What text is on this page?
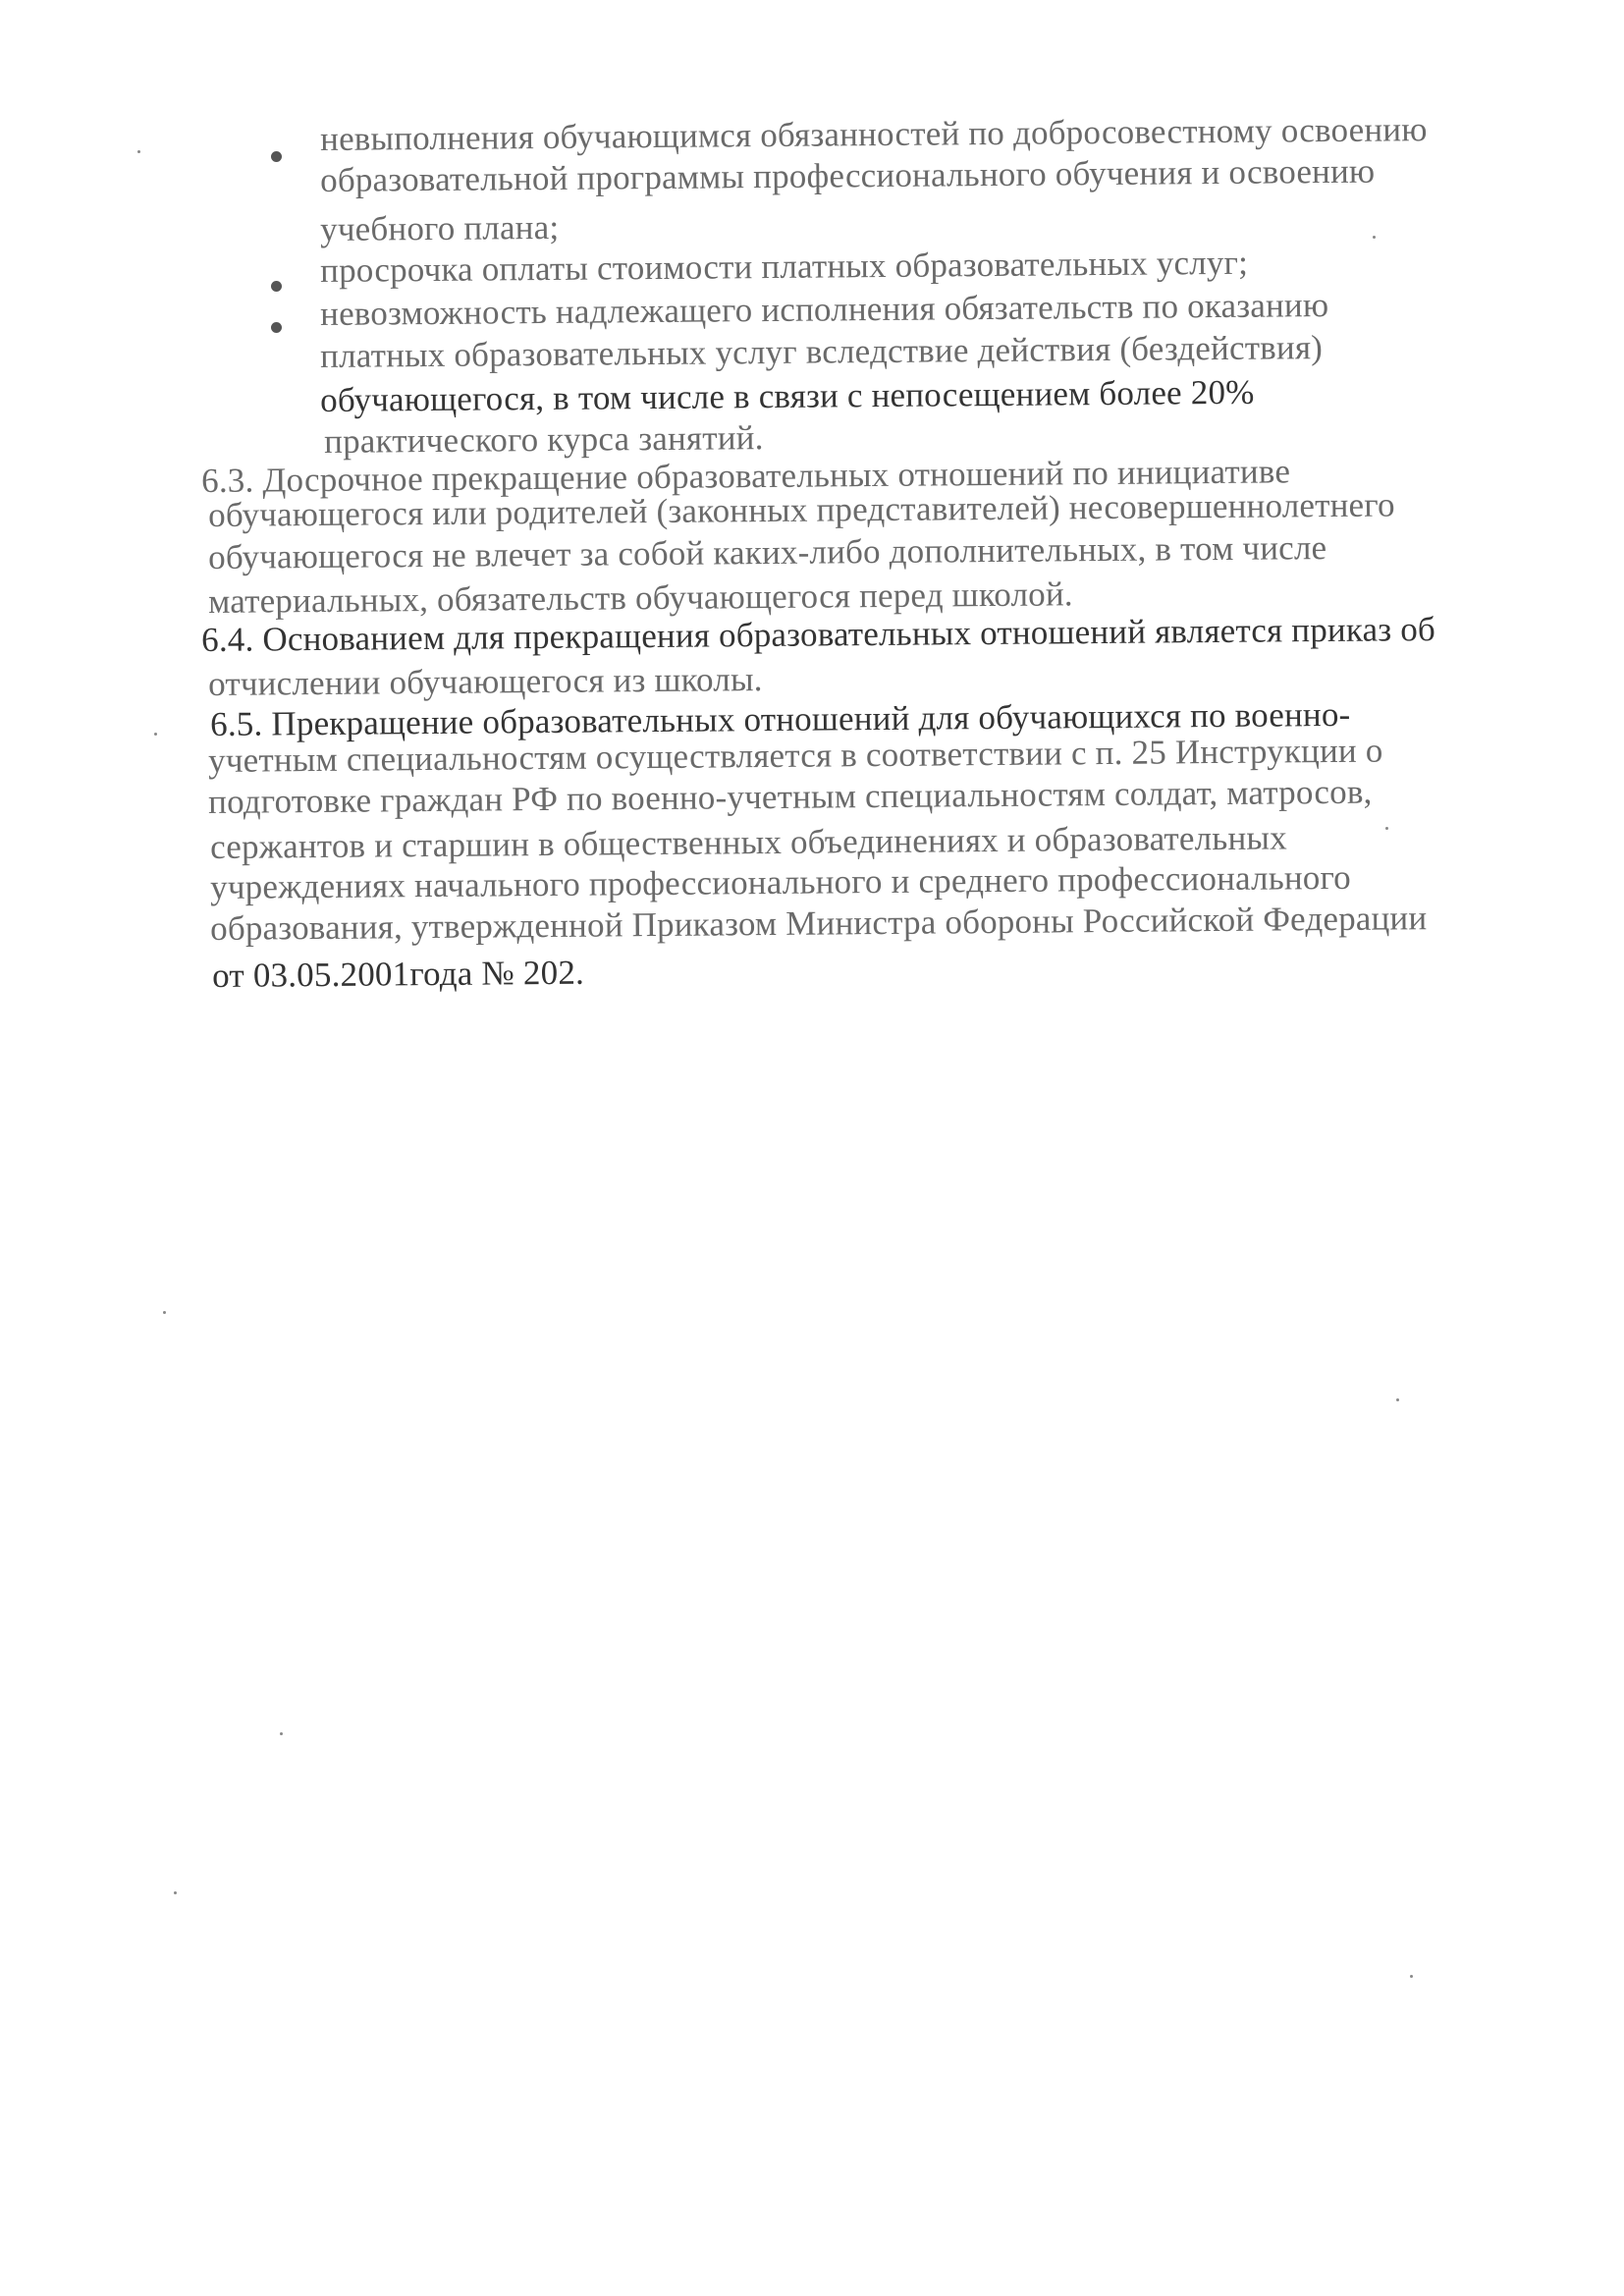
невыполнения обучающимся обязанностей по добросовестному освоению
образовательной программы профессионального обучения и освоению
учебного плана;
просрочка оплаты стоимости платных образовательных услуг;
невозможность надлежащего исполнения обязательств по оказанию
платных образовательных услуг вследствие действия (бездействия)
обучающегося, в том числе в связи с непосещением более 20%
практического курса занятий.
6.3. Досрочное прекращение образовательных отношений по инициативе
обучающегося или родителей (законных представителей) несовершеннолетнего
обучающегося не влечет за собой каких-либо дополнительных, в том числе
материальных, обязательств обучающегося перед школой.
6.4. Основанием для прекращения образовательных отношений является приказ об
отчислении обучающегося из школы.
6.5. Прекращение образовательных отношений для обучающихся по военно-
учетным специальностям осуществляется в соответствии с п. 25 Инструкции о
подготовке граждан РФ по военно-учетным специальностям солдат, матросов,
сержантов и старшин в общественных объединениях и образовательных
учреждениях начального профессионального и среднего профессионального
образования, утвержденной Приказом Министра обороны Российской Федерации
от 03.05.2001года № 202.
